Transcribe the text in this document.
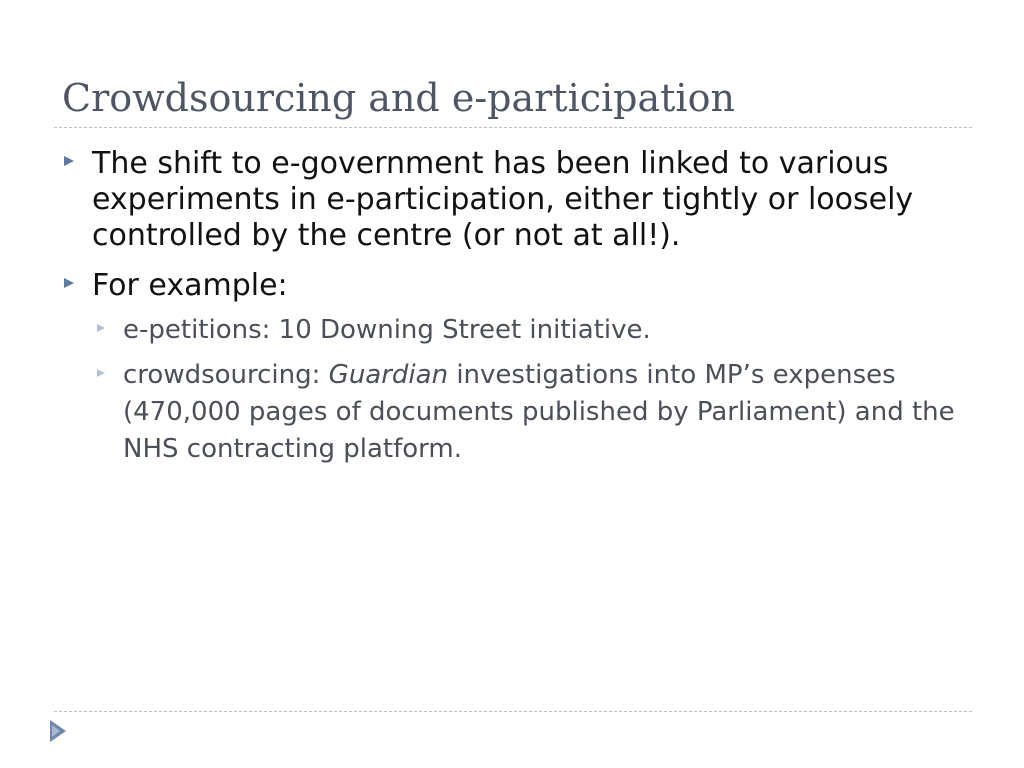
Crowdsourcing and e-participation
The shift to e-government has been linked to various experiments in e-participation, either tightly or loosely controlled by the centre (or not at all!).
For example:
e-petitions: 10 Downing Street initiative.
crowdsourcing: Guardian investigations into MP’s expenses (470,000 pages of documents published by Parliament) and the NHS contracting platform.
